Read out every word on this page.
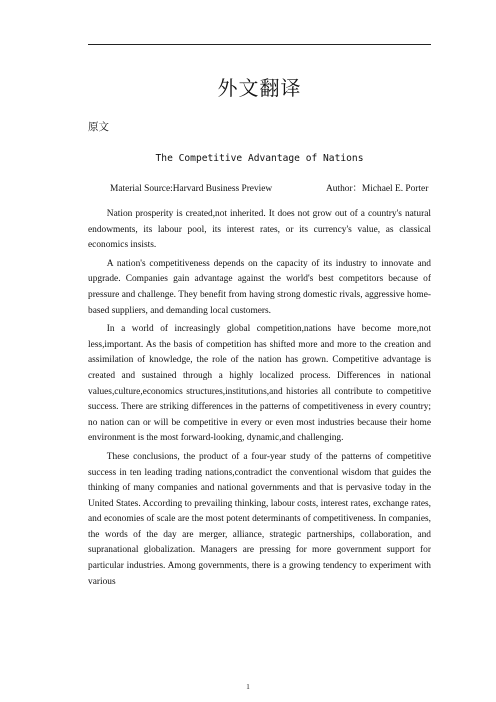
外文翻译
原文
The Competitive Advantage of Nations
Material Source:Harvard Business Preview	Author：Michael E. Porter

Nation prosperity is created,not inherited. It does not grow out of a country's natural endowments, its labour pool, its interest rates, or its currency's value, as classical economics insists.

A nation's competitiveness depends on the capacity of its industry to innovate and upgrade. Companies gain advantage against the world's best competitors because of pressure and challenge. They benefit from having strong domestic rivals, aggressive home-based suppliers, and demanding local customers.

In a world of increasingly global competition,nations have become more,not less,important. As the basis of competition has shifted more and more to the creation and assimilation of knowledge, the role of the nation has grown. Competitive advantage is created and sustained through a highly localized process. Differences in national values,culture,economics structures,institutions,and histories all contribute to competitive success. There are striking differences in the patterns of competitiveness in every country; no nation can or will be competitive in every or even most industries because their home environment is the most forward-looking, dynamic,and challenging.

These conclusions, the product of a four-year study of the patterns of competitive success in ten leading trading nations,contradict the conventional wisdom that guides the thinking of many companies and national governments and that is pervasive today in the United States. According to prevailing thinking, labour costs, interest rates, exchange rates, and economies of scale are the most potent determinants of competitiveness. In companies, the words of the day are merger, alliance, strategic partnerships, collaboration, and supranational globalization. Managers are pressing for more government support for particular industries. Among governments, there is a growing tendency to experiment with various

1
